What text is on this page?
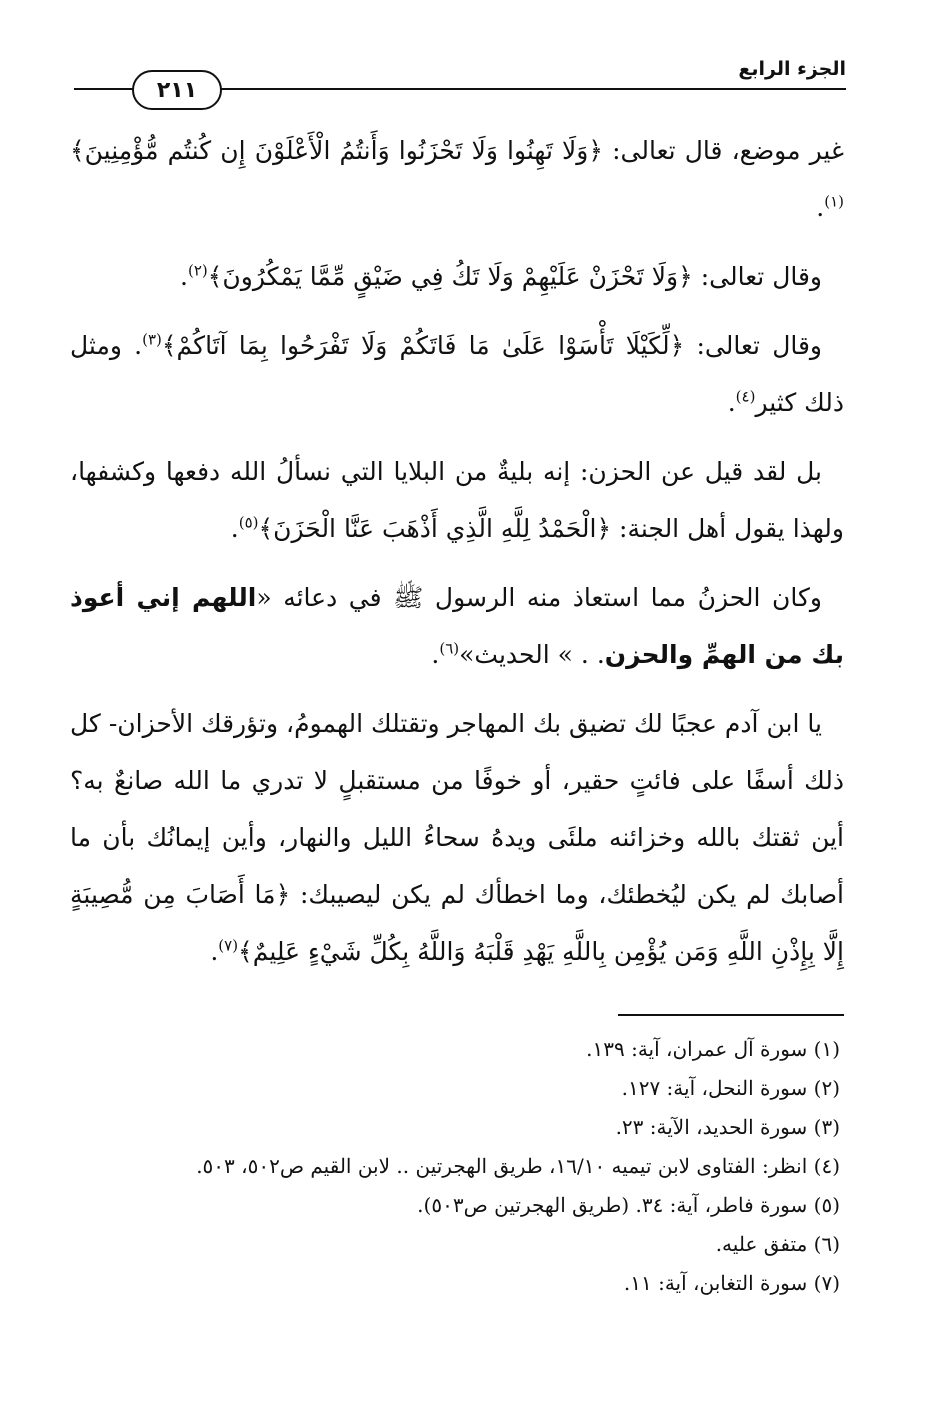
الجزء الرابع
٢١١

غير موضع، قال تعالى: ﴿وَلَا تَهِنُوا وَلَا تَحْزَنُوا وَأَنتُمُ الْأَعْلَوْنَ إِن كُنتُم مُّؤْمِنِينَ﴾$^{(١)}$.

وقال تعالى: ﴿وَلَا تَحْزَنْ عَلَيْهِمْ وَلَا تَكُ فِي ضَيْقٍ مِّمَّا يَمْكُرُونَ﴾$^{(٢)}$.

وقال تعالى: ﴿لِّكَيْلَا تَأْسَوْا عَلَىٰ مَا فَاتَكُمْ وَلَا تَفْرَحُوا بِمَا آتَاكُمْ﴾$^{(٣)}$. ومثل ذلك كثير$^{(٤)}$.

بل لقد قيل عن الحزن: إنه بليةٌ من البلايا التي نسألُ الله دفعها وكشفها، ولهذا يقول أهل الجنة: ﴿الْحَمْدُ لِلَّهِ الَّذِي أَذْهَبَ عَنَّا الْحَزَنَ﴾$^{(٥)}$.

وكان الحزنُ مما استعاذ منه الرسول ﷺ في دعائه «اللهم إني أعوذ بك من الهمِّ والحزن. . » الحديث»$^{(٦)}$.

يا ابن آدم عجبًا لك تضيق بك المهاجر وتقتلك الهمومُ، وتؤرقك الأحزان- كل ذلك أسفًا على فائتٍ حقير، أو خوفًا من مستقبلٍ لا تدري ما الله صانعٌ به؟ أين ثقتك بالله وخزائنه ملئَى ويدهُ سحاءُ الليل والنهار، وأين إيمانُك بأن ما أصابك لم يكن ليُخطئك، وما اخطأك لم يكن ليصيبك: ﴿مَا أَصَابَ مِن مُّصِيبَةٍ إِلَّا بِإِذْنِ اللَّهِ وَمَن يُؤْمِن بِاللَّهِ يَهْدِ قَلْبَهُ وَاللَّهُ بِكُلِّ شَيْءٍ عَلِيمٌ﴾$^{(٧)}$.

(١) سورة آل عمران، آية: ١٣٩.
(٢) سورة النحل، آية: ١٢٧.
(٣) سورة الحديد، الآية: ٢٣.
(٤) انظر: الفتاوى لابن تيميه ١٦/١٠، طريق الهجرتين .. لابن القيم ص٥٠٢، ٥٠٣.
(٥) سورة فاطر، آية: ٣٤. (طريق الهجرتين ص٥٠٣).
(٦) متفق عليه.
(٧) سورة التغابن، آية: ١١.
